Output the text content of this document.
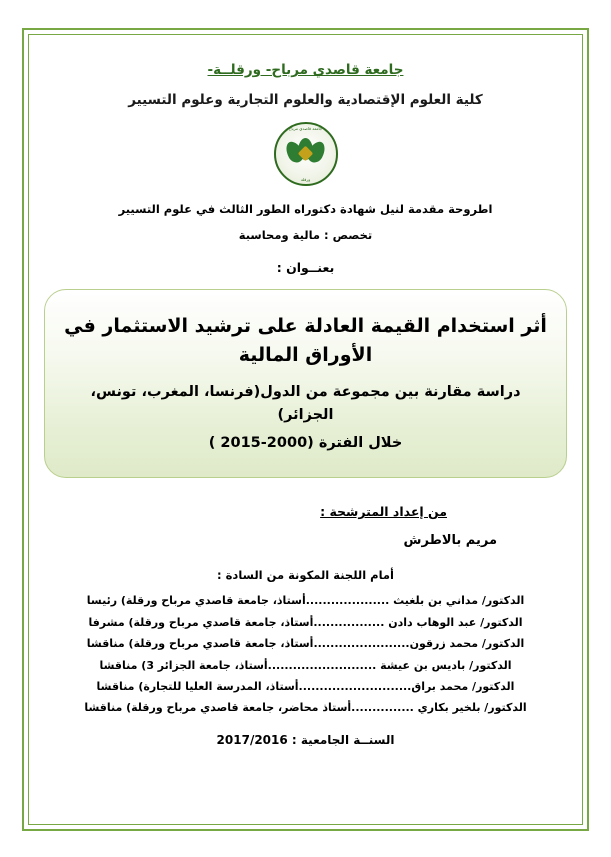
جامعة قاصدي مرباح- ورقلــة-
كلية العلوم الإقتصادية والعلوم التجارية وعلوم التسيير
جامعة قاصدي مرباح
ورقلة
اطروحة مقدمة لنيل شهادة دكتوراه الطور الثالث في علوم التسيير
تخصص : مالية ومحاسبة
بعنــوان :
أثر استخدام القيمة العادلة على ترشيد الاستثمار في
الأوراق المالية
دراسة مقارنة بين مجموعة من الدول(فرنسا، المغرب، تونس، الجزائر)
خلال الفترة (2000-2015 )
من إعداد المترشحة :
مريم بالاطرش
أمام اللجنة المكونة من السادة :
الدكتور/ مداني بن بلغيث ....................أستاذ، جامعة قاصدي مرباح ورقلة) رئيسا
الدكتور/ عبد الوهاب دادن .................أستاذ، جامعة قاصدي مرباح ورقلة) مشرفا
الدكتور/ محمد زرقون.......................أستاذ، جامعة قاصدي مرباح ورقلة) مناقشا
الدكتور/ باديس بن عيشة ..........................أستاذ، جامعة الجزائر 3) مناقشا
الدكتور/ محمد براق...........................أستاذ، المدرسة العليا للتجارة) مناقشا
الدكتور/ بلخير بكاري ...............أستاذ محاضر، جامعة قاصدي مرباح ورقلة) مناقشا
السنــة الجامعية : 2017/2016
